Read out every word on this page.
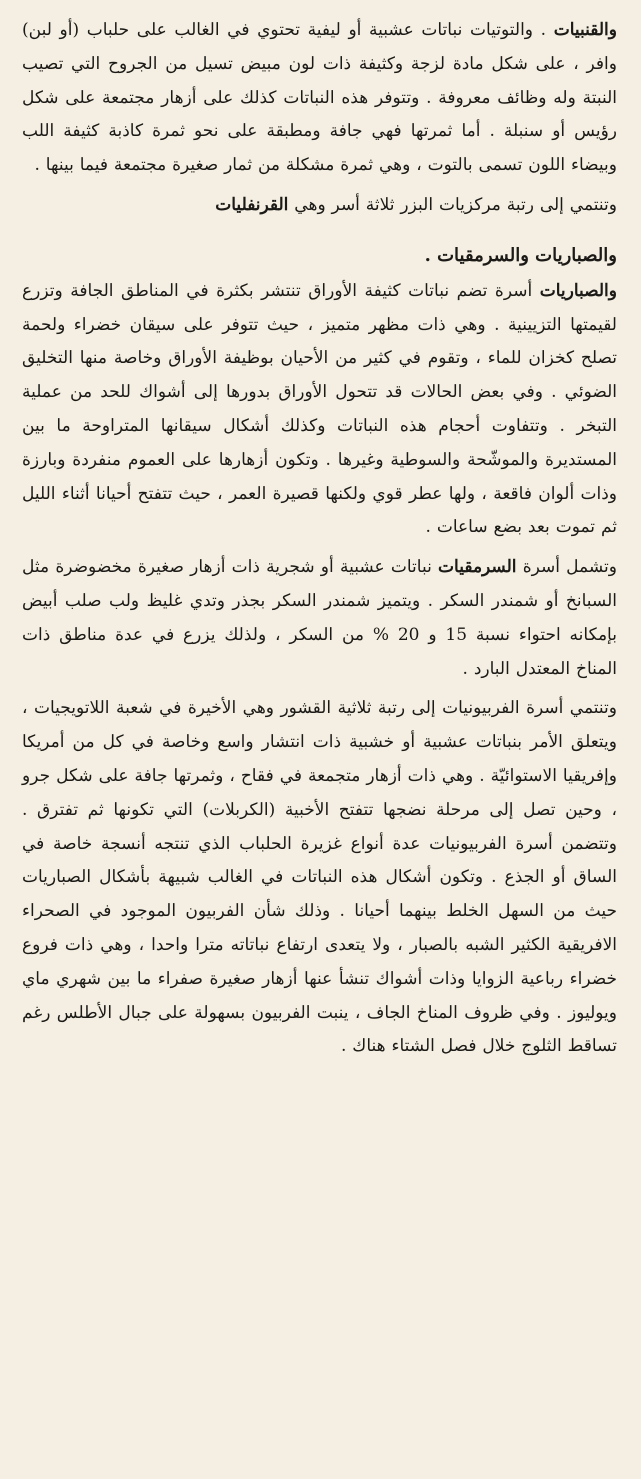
والقنبيات . والتوتيات نباتات عشبية أو ليفية تحتوي في الغالب على حلباب (أو لبن) وافر ، على شكل مادة لزجة وكثيفة ذات لون مبيض تسيل من الجروح التي تصيب النبتة وله وظائف معروفة . وتتوفر هذه النباتات كذلك على أزهار مجتمعة على شكل رؤيس أو سنبلة . أما ثمرتها فهي جافة ومطبقة على نحو ثمرة كاذبة كثيفة اللب وبيضاء اللون تسمى بالتوت ، وهي ثمرة مشكلة من ثمار صغيرة مجتمعة فيما بينها .

وتنتمي إلى رتبة مركزيات البزر ثلاثة أسر وهي القرنفليات

والصباريات والسرمقيات .

والصباريات أسرة تضم نباتات كثيفة الأوراق تنتشر بكثرة في المناطق الجافة وتزرع لقيمتها التزيينية . وهي ذات مظهر متميز ، حيث تتوفر على سيقان خضراء ولحمة تصلح كخزان للماء ، وتقوم في كثير من الأحيان بوظيفة الأوراق وخاصة منها التخليق الضوئي . وفي بعض الحالات قد تتحول الأوراق بدورها إلى أشواك للحد من عملية التبخر . وتتفاوت أحجام هذه النباتات وكذلك أشكال سيقانها المتراوحة ما بين المستديرة والموشّحة والسوطية وغيرها . وتكون أزهارها على العموم منفردة وبارزة وذات ألوان فاقعة ، ولها عطر قوي ولكنها قصيرة العمر ، حيث تتفتح أحيانا أثناء الليل ثم تموت بعد بضع ساعات .

وتشمل أسرة السرمقيات نباتات عشبية أو شجرية ذات أزهار صغيرة مخضوضرة مثل السبانخ أو شمندر السكر . ويتميز شمندر السكر بجذر وتدي غليظ ولب صلب أبيض بإمكانه احتواء نسبة 15 و 20 % من السكر ، ولذلك يزرع في عدة مناطق ذات المناخ المعتدل البارد .

وتنتمي أسرة الفربيونيات إلى رتبة ثلاثية القشور وهي الأخيرة في شعبة اللاتويجيات ، ويتعلق الأمر بنباتات عشبية أو خشبية ذات انتشار واسع وخاصة في كل من أمريكا وإفريقيا الاستوائيّة . وهي ذات أزهار متجمعة في فقاح ، وثمرتها جافة على شكل جرو ، وحين تصل إلى مرحلة نضجها تتفتح الأخبية (الكربلات) التي تكونها ثم تفترق . وتتضمن أسرة الفربيونيات عدة أنواع غزيرة الحلباب الذي تنتجه أنسجة خاصة في الساق أو الجذع . وتكون أشكال هذه النباتات في الغالب شبيهة بأشكال الصباريات حيث من السهل الخلط بينهما أحيانا . وذلك شأن الفربيون الموجود في الصحراء الافريقية الكثير الشبه بالصبار ، ولا يتعدى ارتفاع نباتاته مترا واحدا ، وهي ذات فروع خضراء رباعية الزوايا وذات أشواك تنشأ عنها أزهار صغيرة صفراء ما بين شهري ماي ويوليوز . وفي ظروف المناخ الجاف ، ينبت الفربيون بسهولة على جبال الأطلس رغم تساقط الثلوج خلال فصل الشتاء هناك .
